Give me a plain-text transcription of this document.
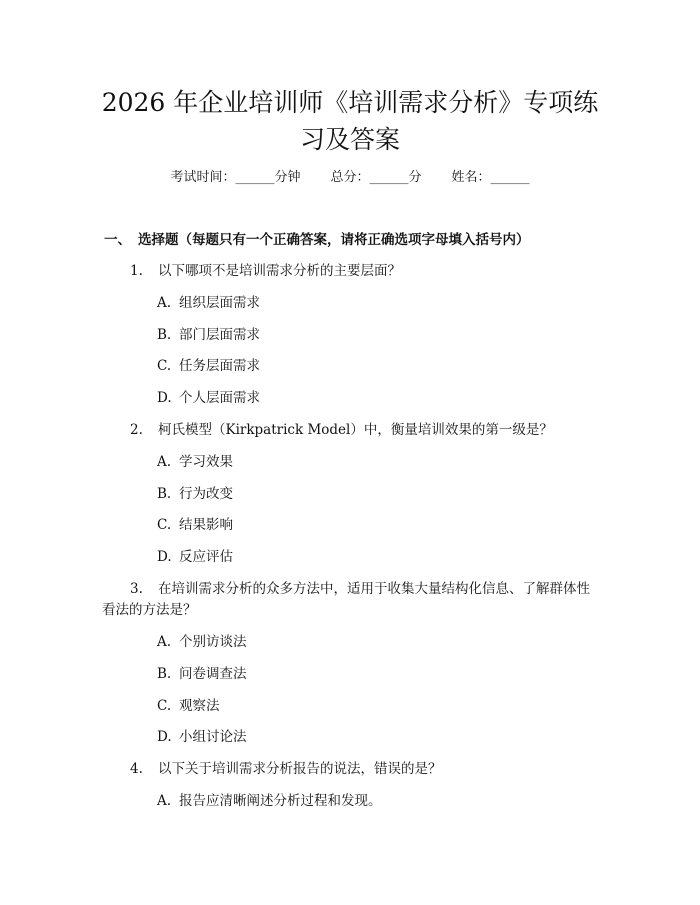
2026 年企业培训师《培训需求分析》专项练
习及答案
考试时间：______分钟 总分：______分 姓名：______
一、 选择题（每题只有一个正确答案，请将正确选项字母填入括号内）
1. 以下哪项不是培训需求分析的主要层面？
A. 组织层面需求
B. 部门层面需求
C. 任务层面需求
D. 个人层面需求
2. 柯氏模型（Kirkpatrick Model）中，衡量培训效果的第一级是？
A. 学习效果
B. 行为改变
C. 结果影响
D. 反应评估
3. 在培训需求分析的众多方法中，适用于收集大量结构化信息、了解群体性
看法的方法是？
A. 个别访谈法
B. 问卷调查法
C. 观察法
D. 小组讨论法
4. 以下关于培训需求分析报告的说法，错误的是？
A. 报告应清晰阐述分析过程和发现。
